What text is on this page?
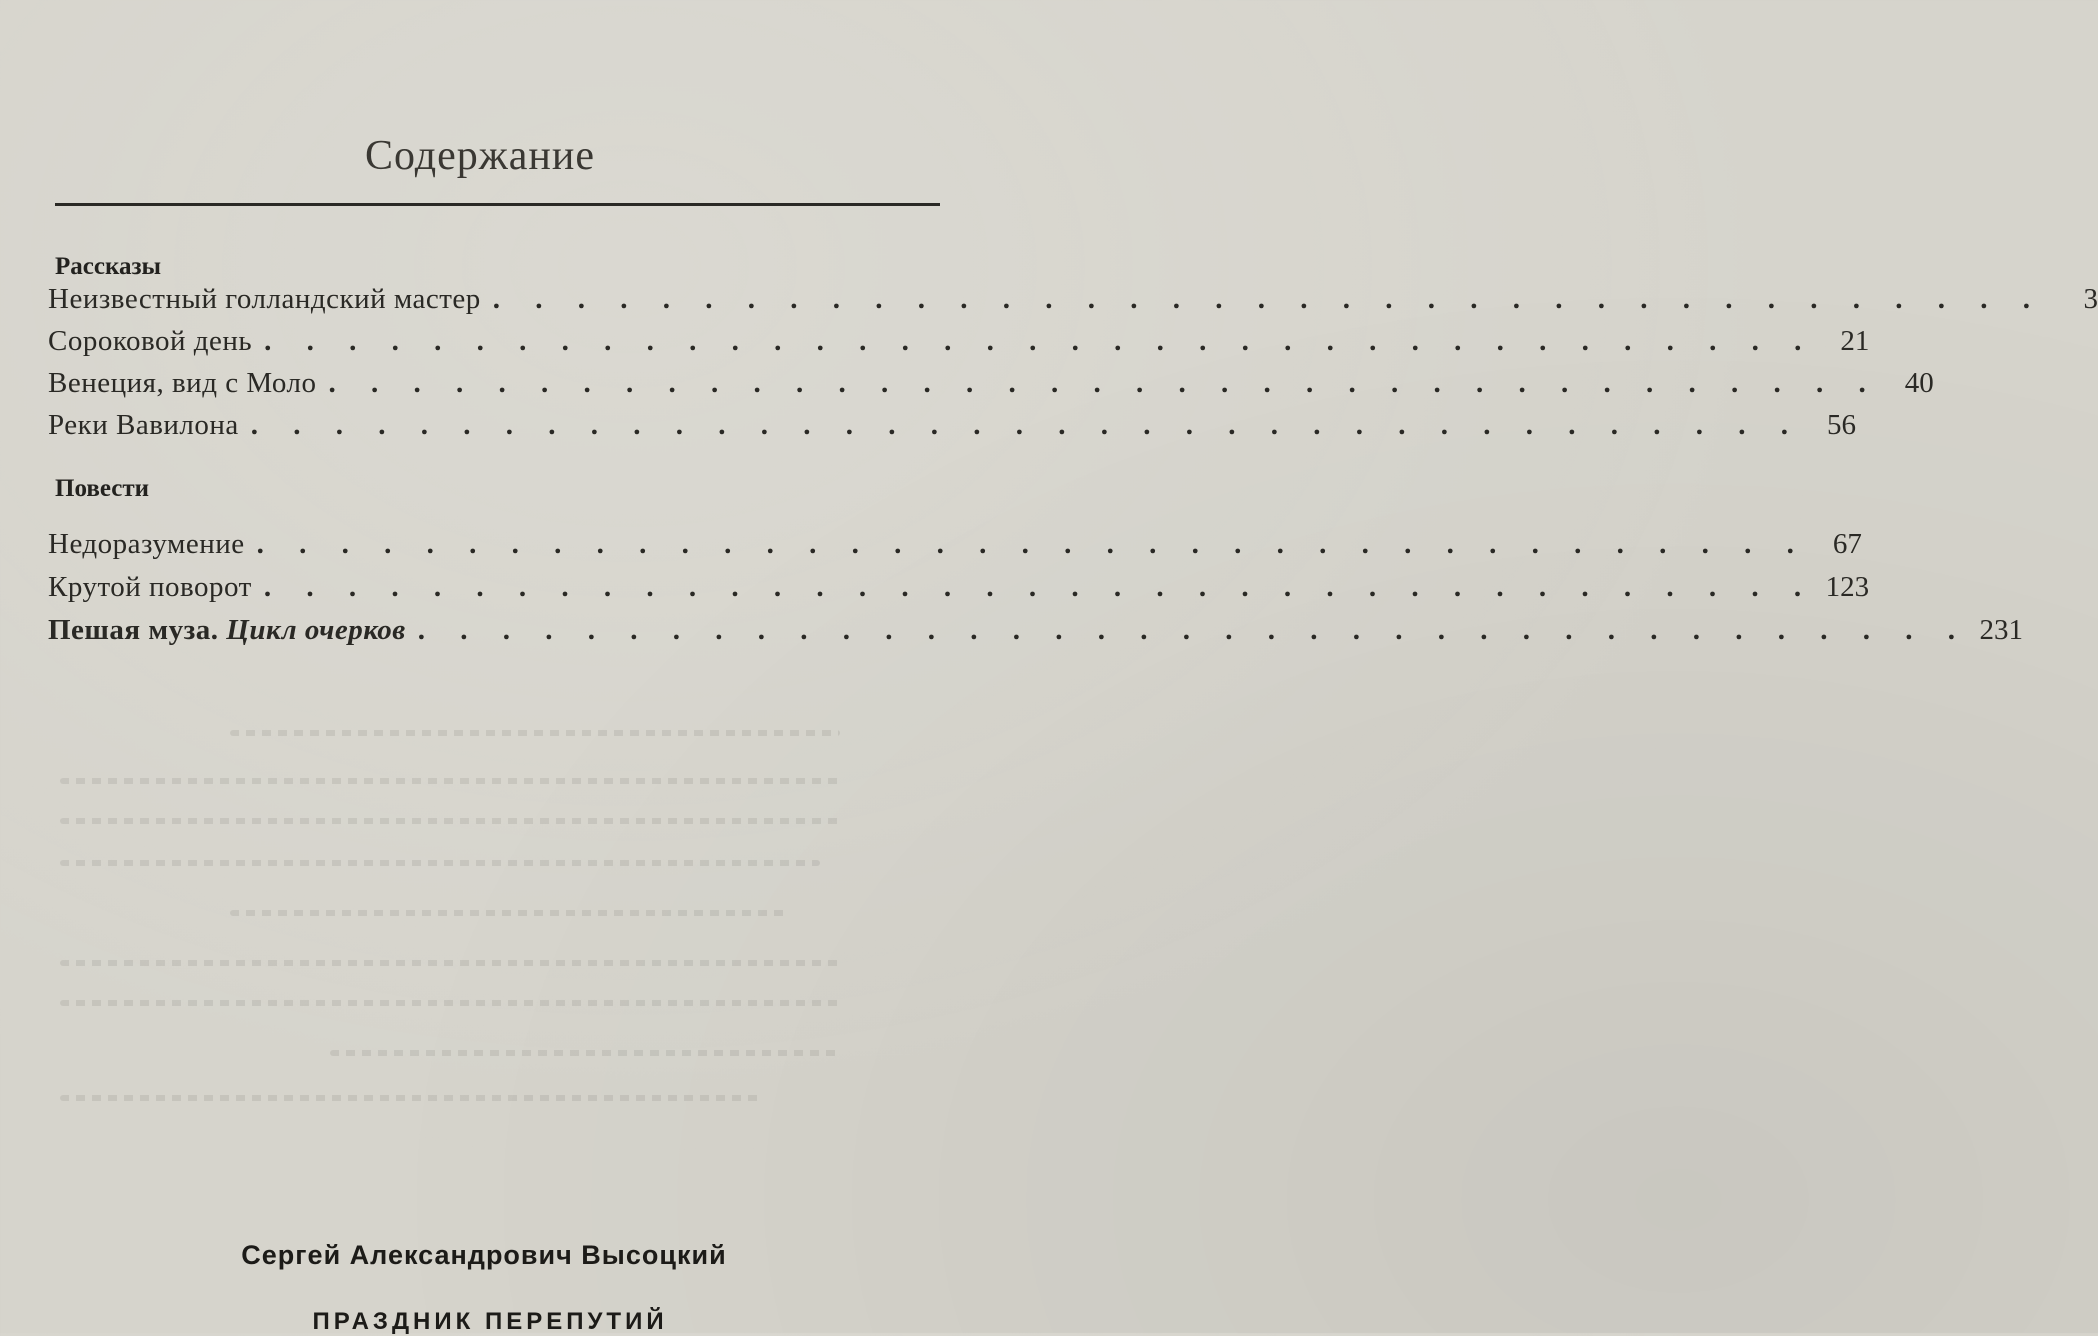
Содержание
Рассказы
Неизвестный голландский мастер . . . . . . . . . . . . . . . . . . . . . . . . . . . . . . . . . . . . .	3
Сороковой день . . . . . . . . . . . . . . . . . . . . . . . . . . . . . . . . . . . . . 21
Венеция, вид с Моло . . . . . . . . . . . . . . . . . . . . . . . . . . . . . . . . . . . . . 40
Реки Вавилона . . . . . . . . . . . . . . . . . . . . . . . . . . . . . . . . . . . . . 56
Повести
Недоразумение . . . . . . . . . . . . . . . . . . . . . . . . . . . . . . . . . . . . . 67
Крутой поворот . . . . . . . . . . . . . . . . . . . . . . . . . . . . . . . . . . . . . 123
Пешая муза. Цикл очерков . . . . . . . . . . . . . . . . . . . . . . . . . . . . . . . . . . . . . 231
Сергей Александрович Высоцкий
ПРАЗДНИК ПЕРЕПУТИЙ
